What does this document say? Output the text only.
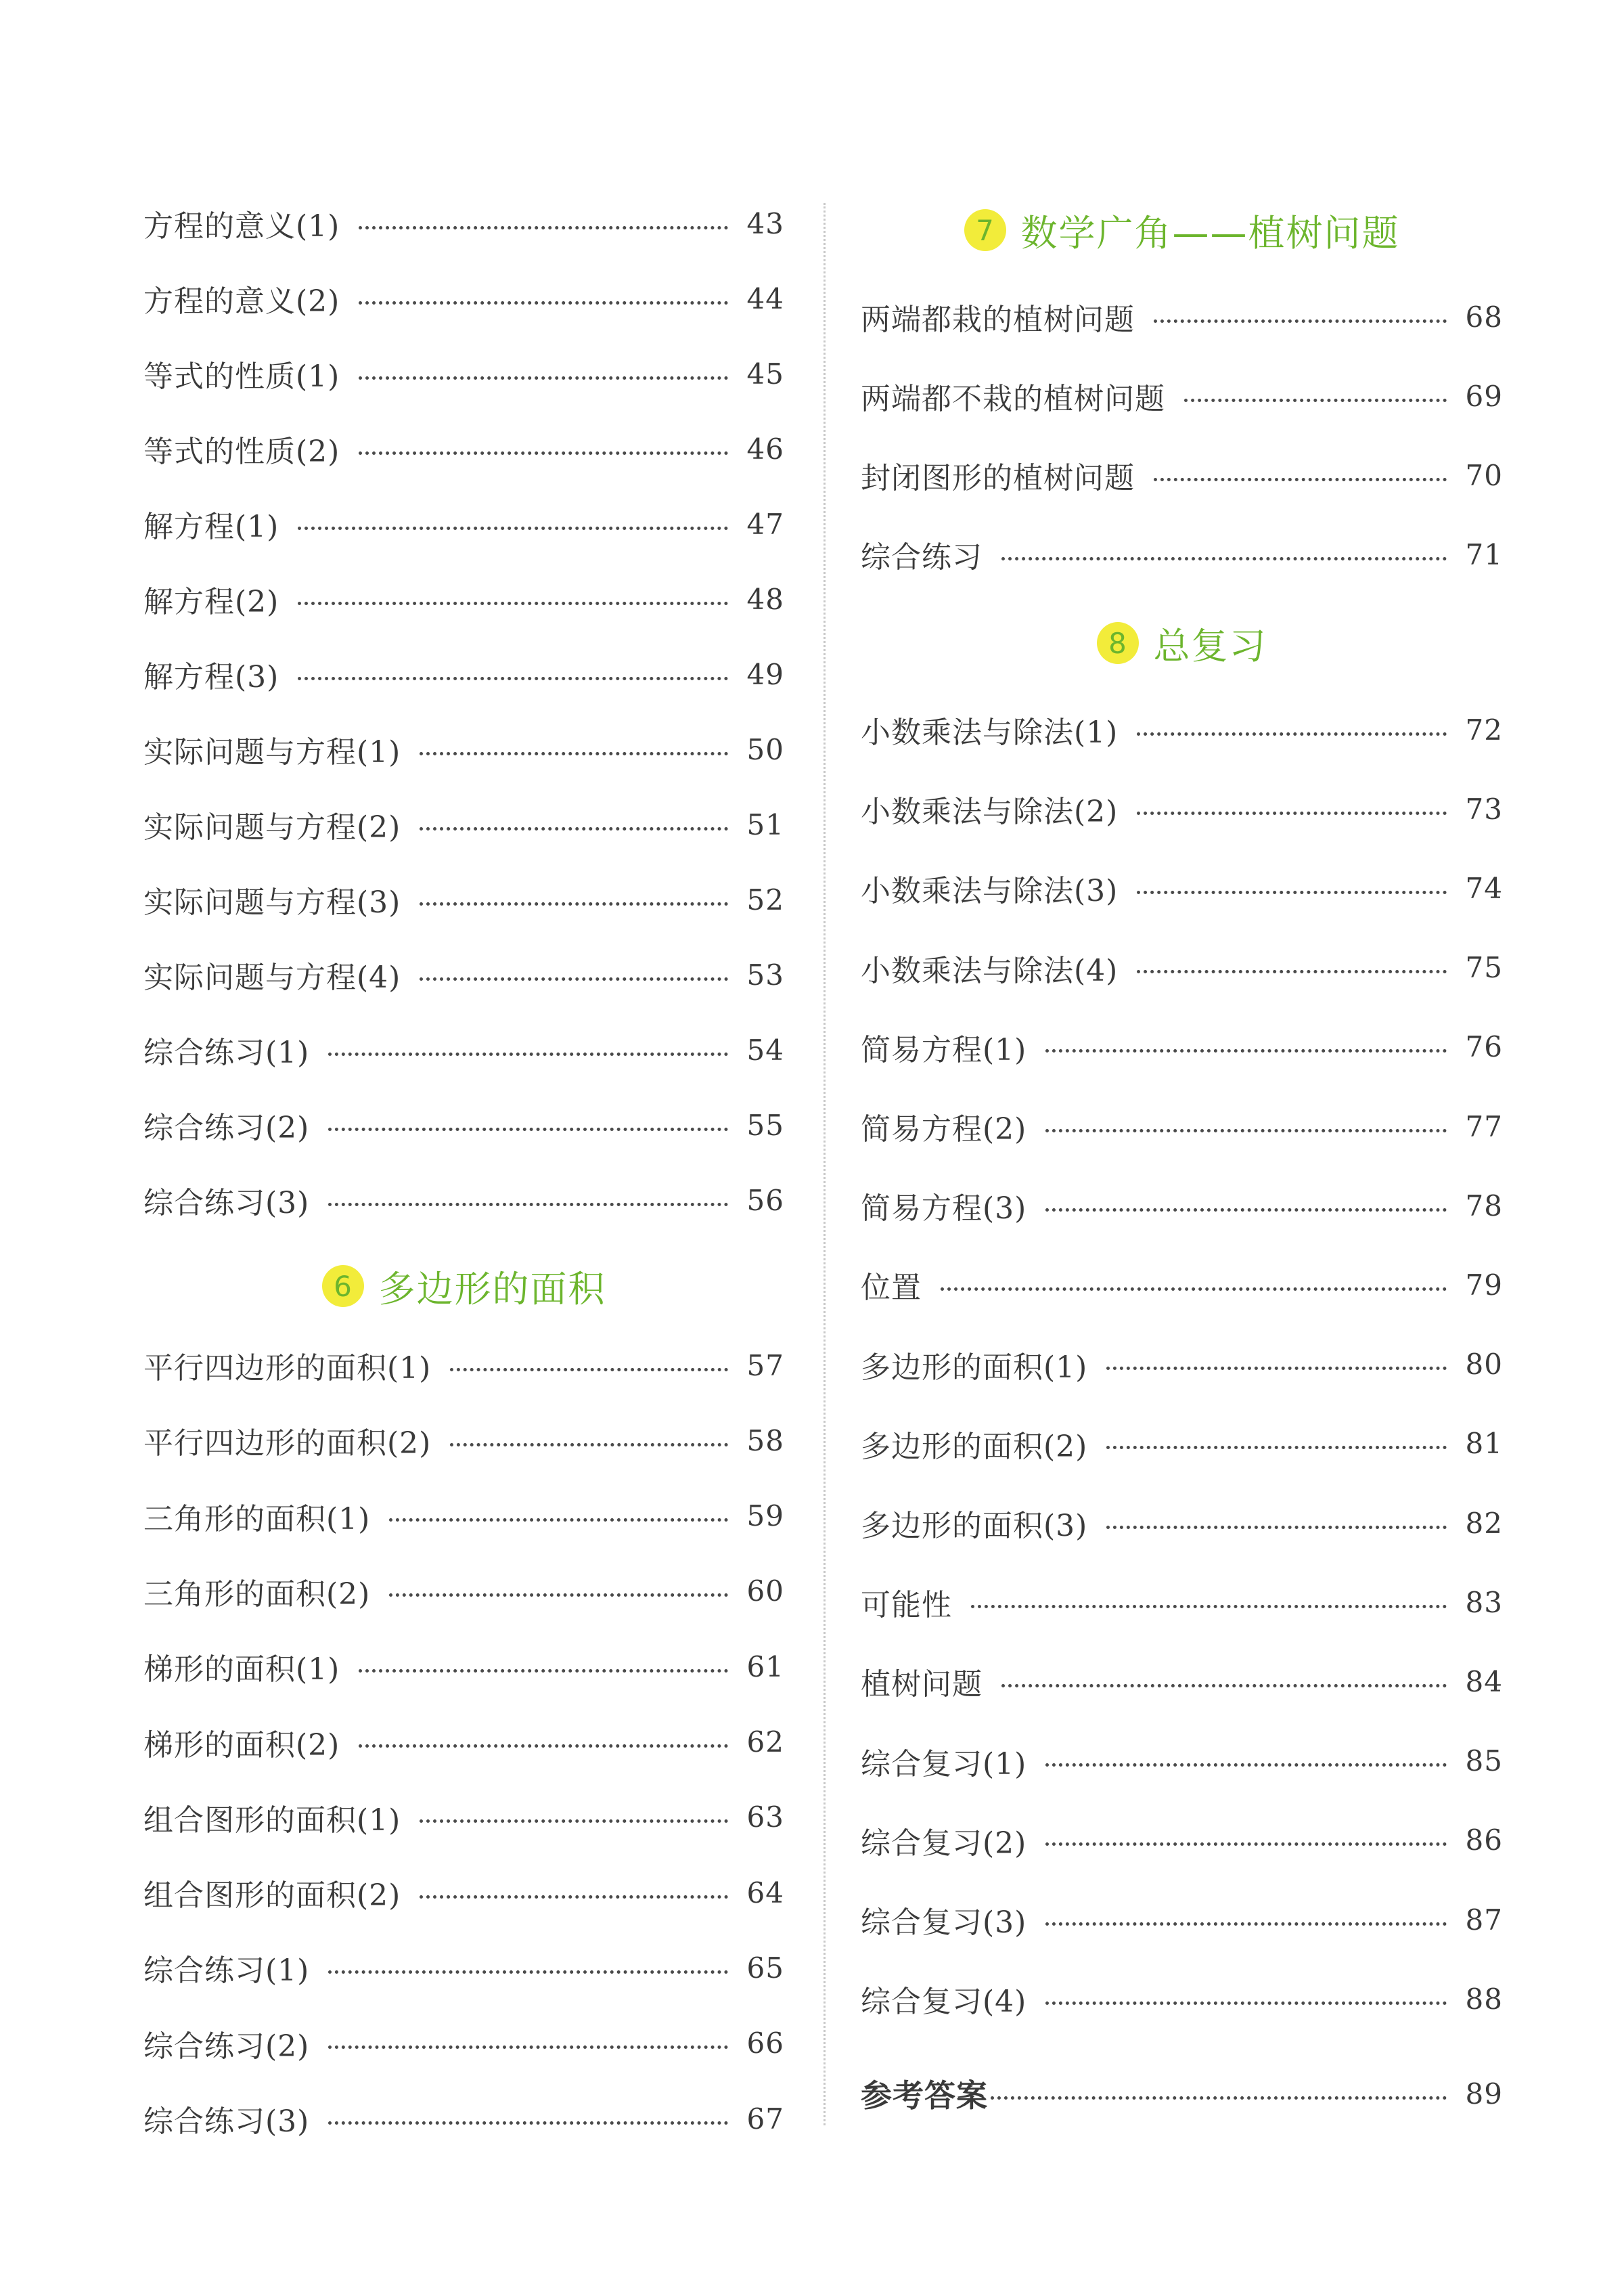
方程的意义(1)	43
方程的意义(2)	44
等式的性质(1)	45
等式的性质(2)	46
解方程(1)	47
解方程(2)	48
解方程(3)	49
实际问题与方程(1)	50
实际问题与方程(2)	51
实际问题与方程(3)	52
实际问题与方程(4)	53
综合练习(1)	54
综合练习(2)	55
综合练习(3)	56
6 多边形的面积
平行四边形的面积(1)	57
平行四边形的面积(2)	58
三角形的面积(1)	59
三角形的面积(2)	60
梯形的面积(1)	61
梯形的面积(2)	62
组合图形的面积(1)	63
组合图形的面积(2)	64
综合练习(1)	65
综合练习(2)	66
综合练习(3)	67
7 数学广角——植树问题
两端都栽的植树问题	68
两端都不栽的植树问题	69
封闭图形的植树问题	70
综合练习	71
8 总复习
小数乘法与除法(1)	72
小数乘法与除法(2)	73
小数乘法与除法(3)	74
小数乘法与除法(4)	75
简易方程(1)	76
简易方程(2)	77
简易方程(3)	78
位置	79
多边形的面积(1)	80
多边形的面积(2)	81
多边形的面积(3)	82
可能性	83
植树问题	84
综合复习(1)	85
综合复习(2)	86
综合复习(3)	87
综合复习(4)	88
参考答案	89
